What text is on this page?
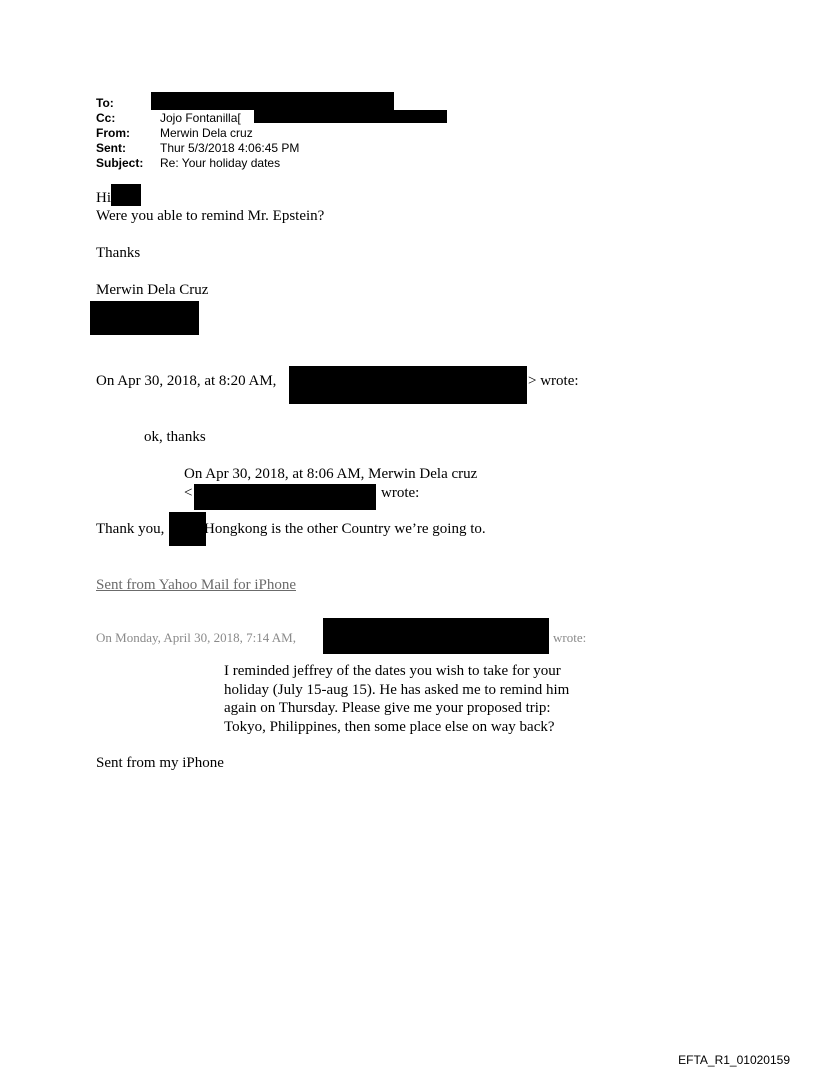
To:
Cc:	Jojo Fontanilla[
From:	Merwin Dela cruz
Sent:	Thur 5/3/2018 4:06:45 PM
Subject: Re: Your holiday dates
Hi
Were you able to remind Mr. Epstein?
Thanks
Merwin Dela Cruz
On Apr 30, 2018, at 8:20 AM,	> wrote:
ok, thanks
On Apr 30, 2018, at 8:06 AM, Merwin Dela cruz
<	wrote:
Thank you,	Hongkong is the other Country we’re going to.
Sent from Yahoo Mail for iPhone
On Monday, April 30, 2018, 7:14 AM,	wrote:
I reminded jeffrey of the dates you wish to take for your
holiday (July 15-aug 15). He has asked me to remind him
again on Thursday. Please give me your proposed trip:
Tokyo, Philippines, then some place else on way back?
Sent from my iPhone
EFTA_R1_01020159
